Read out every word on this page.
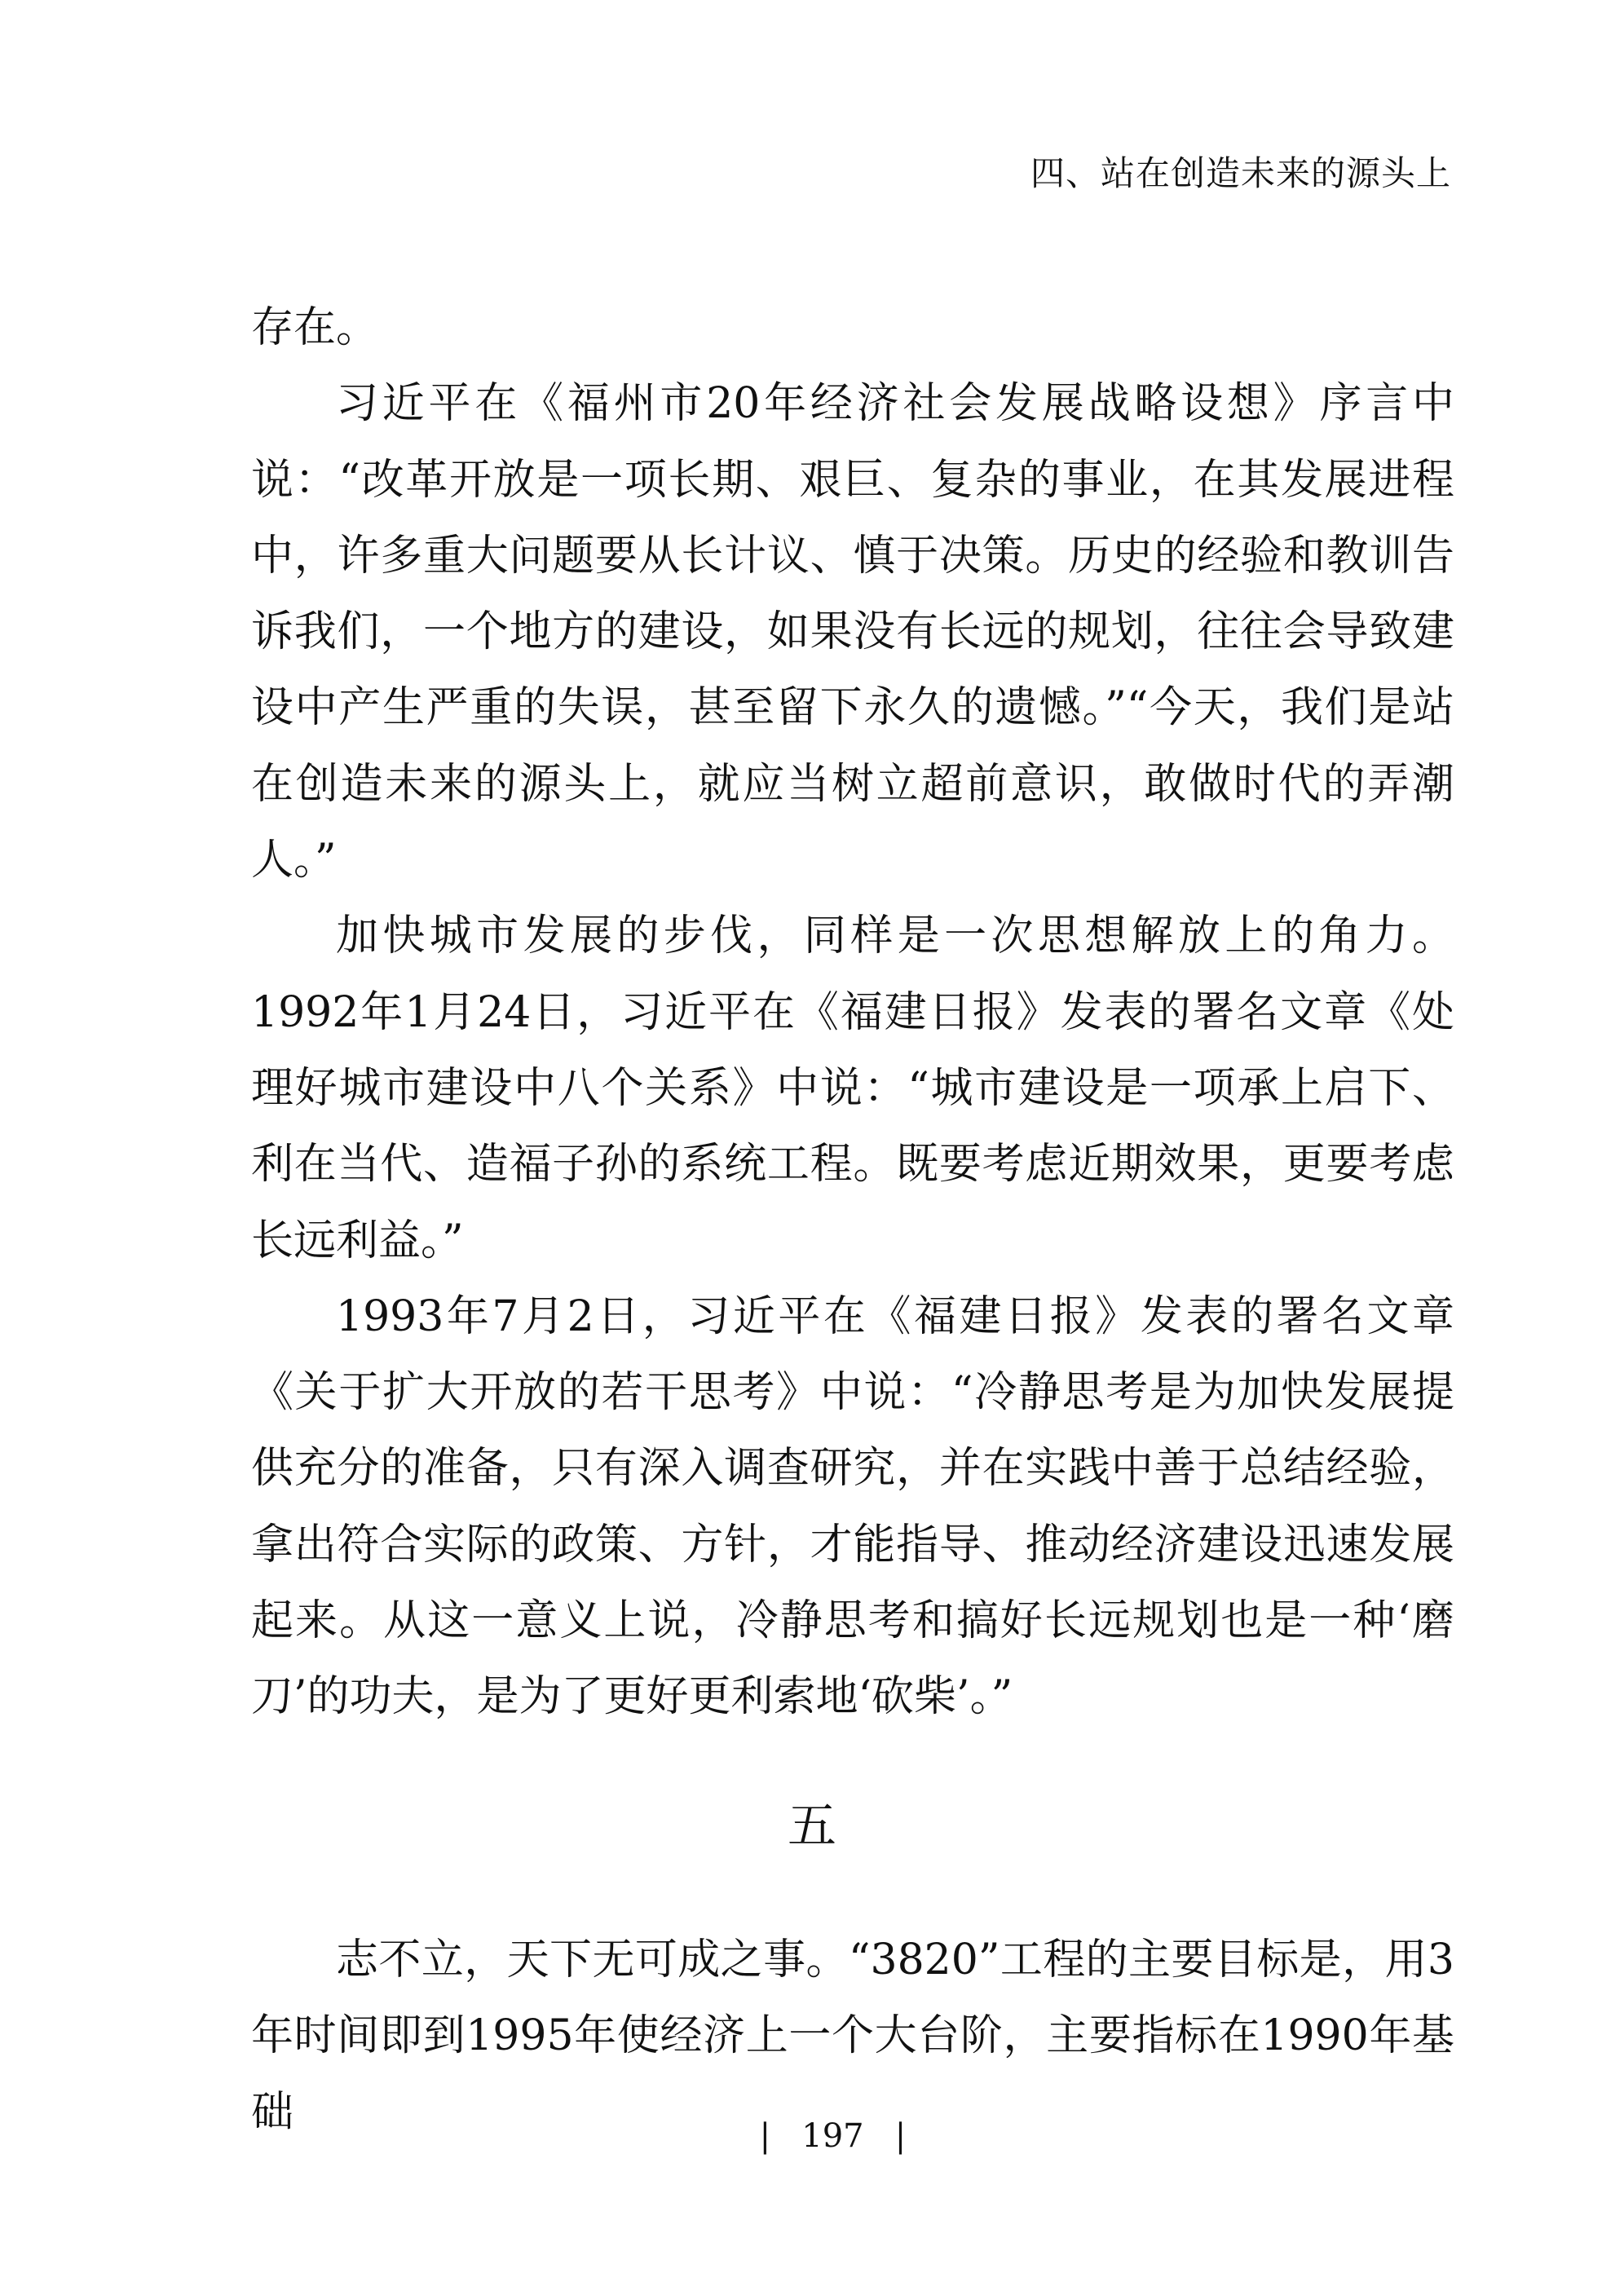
四、站在创造未来的源头上

存在。

习近平在《福州市20年经济社会发展战略设想》序言中说：“改革开放是一项长期、艰巨、复杂的事业，在其发展进程中，许多重大问题要从长计议、慎于决策。历史的经验和教训告诉我们，一个地方的建设，如果没有长远的规划，往往会导致建设中产生严重的失误，甚至留下永久的遗憾。”“今天，我们是站在创造未来的源头上，就应当树立超前意识，敢做时代的弄潮人。”

加快城市发展的步伐，同样是一次思想解放上的角力。1992年1月24日，习近平在《福建日报》发表的署名文章《处理好城市建设中八个关系》中说：“城市建设是一项承上启下、利在当代、造福子孙的系统工程。既要考虑近期效果，更要考虑长远利益。”

1993年7月2日，习近平在《福建日报》发表的署名文章《关于扩大开放的若干思考》中说：“冷静思考是为加快发展提供充分的准备，只有深入调查研究，并在实践中善于总结经验，拿出符合实际的政策、方针，才能指导、推动经济建设迅速发展起来。从这一意义上说，冷静思考和搞好长远规划也是一种‘磨刀’的功夫，是为了更好更利索地‘砍柴’。”

五

志不立，天下无可成之事。“3820”工程的主要目标是，用3年时间即到1995年使经济上一个大台阶，主要指标在1990年基础	|   197   |
